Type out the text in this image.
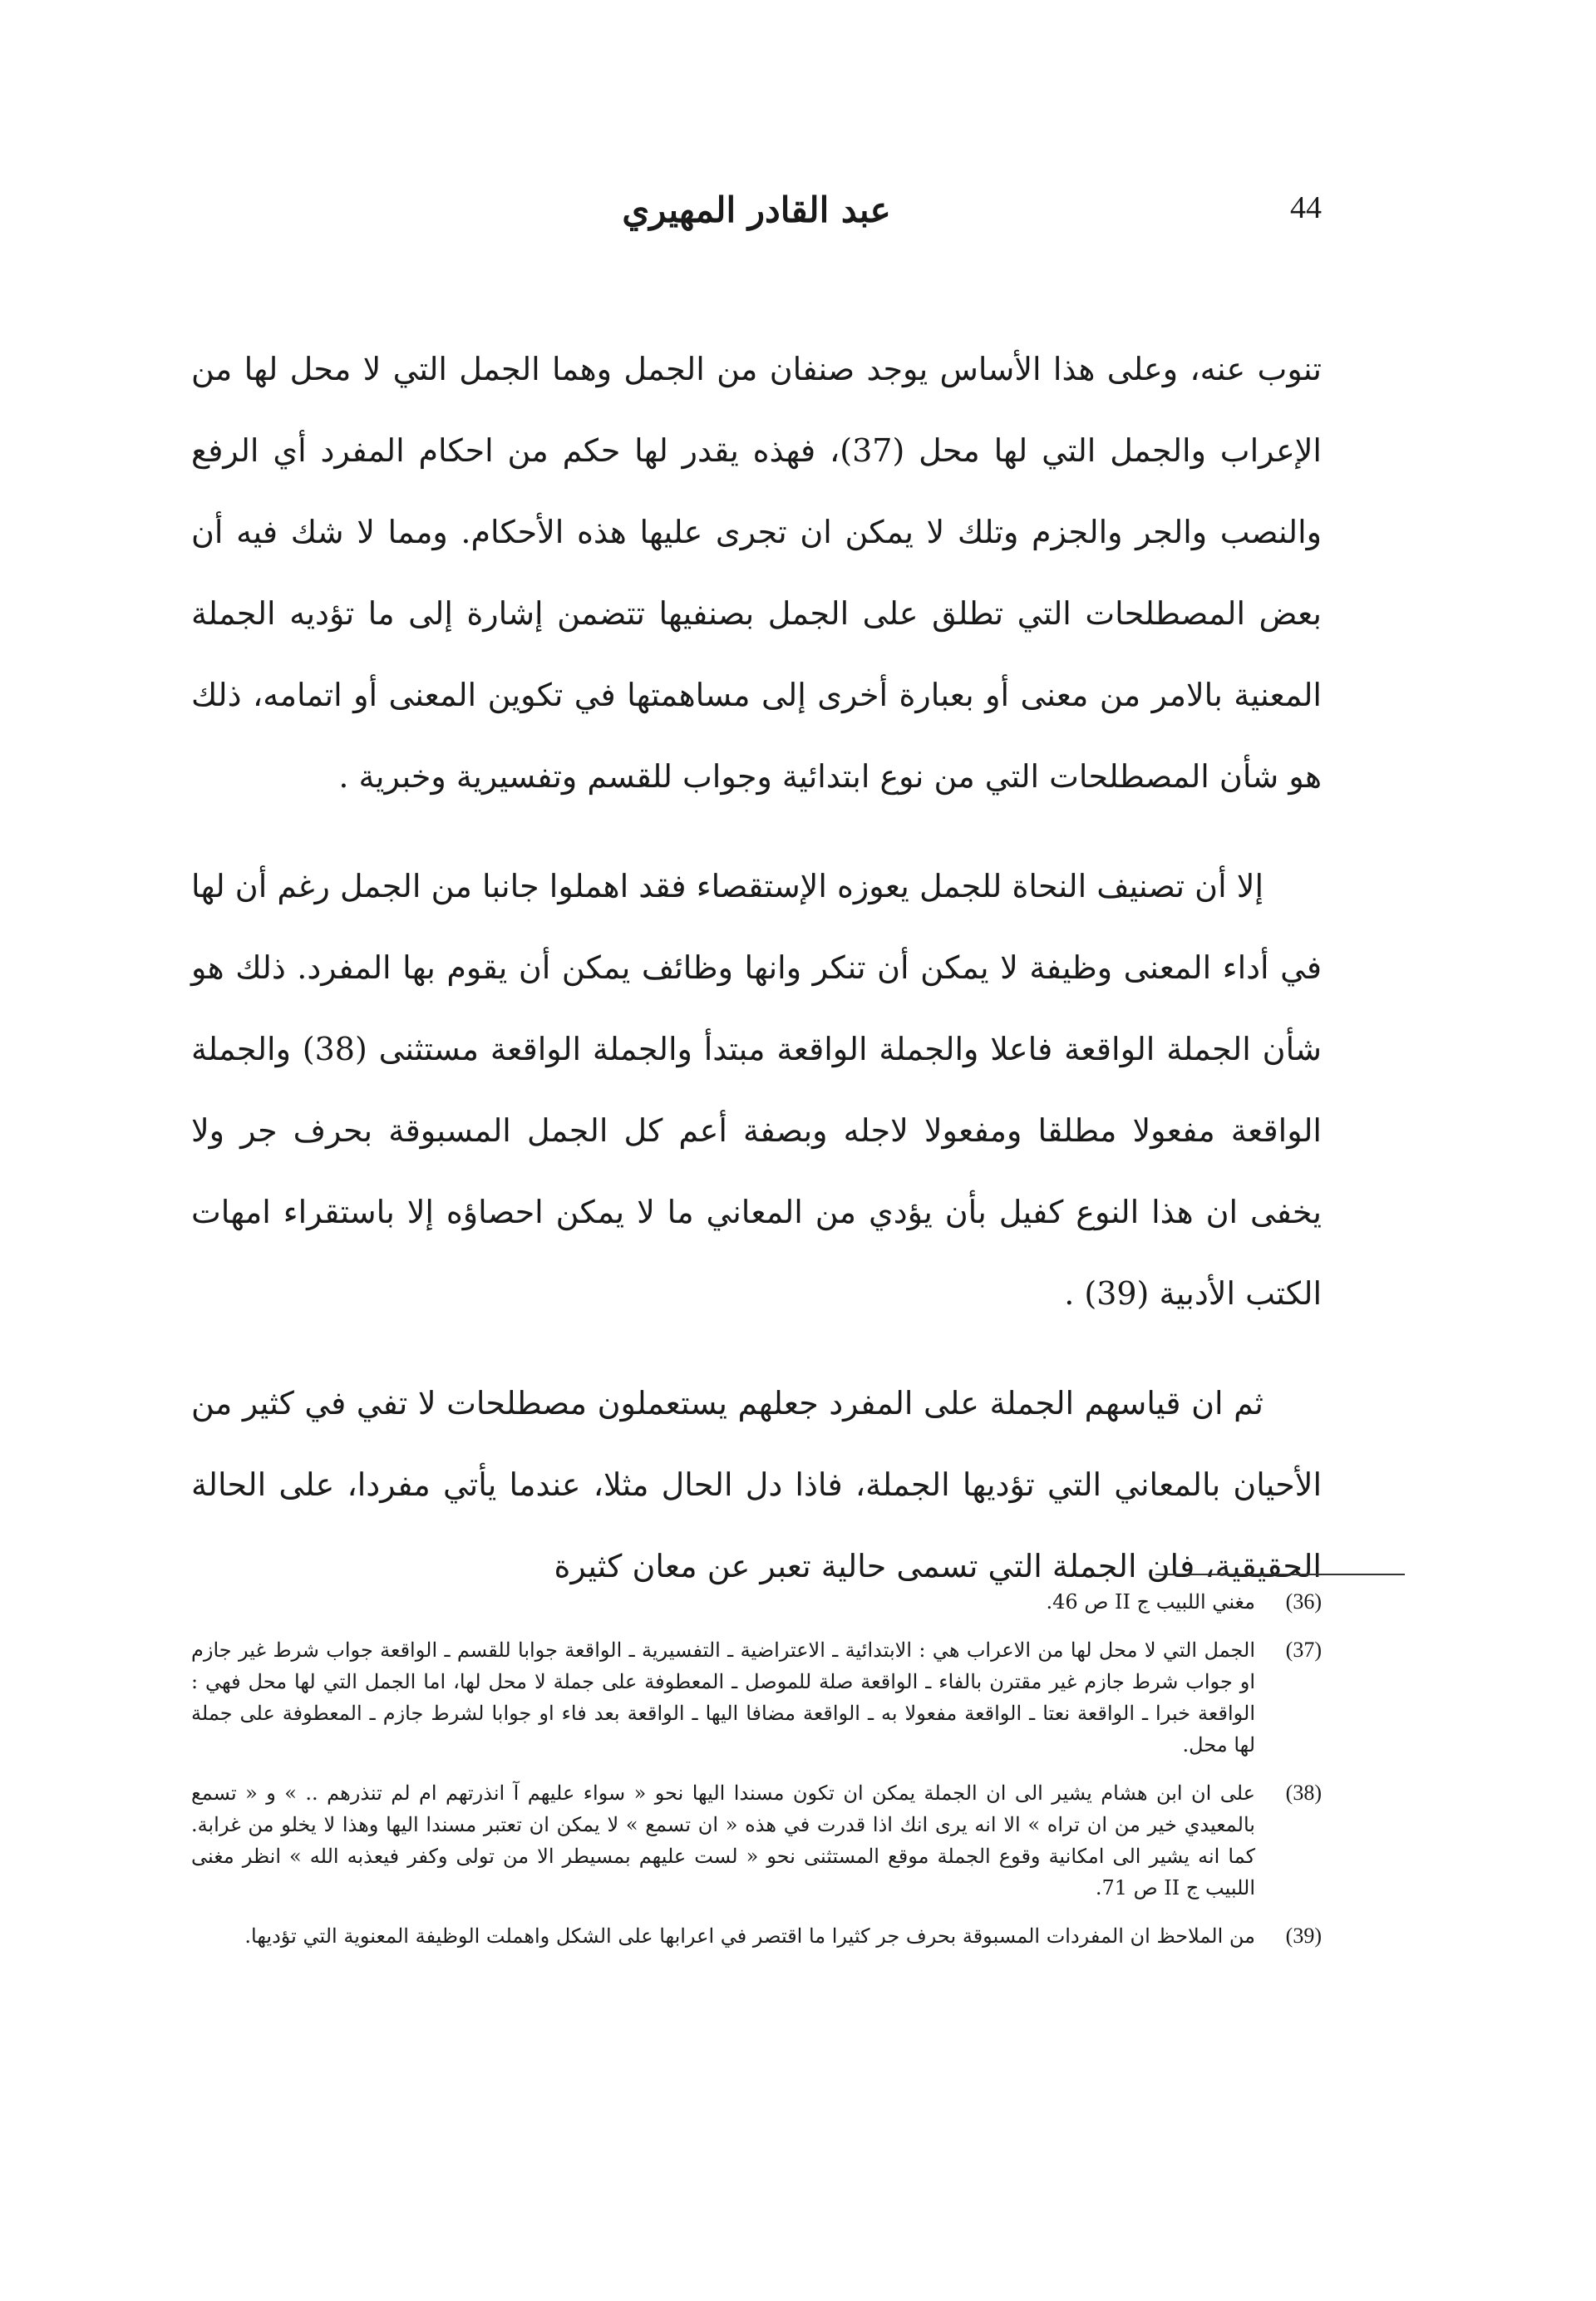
44
عبد القادر المهيري

تنوب عنه، وعلى هذا الأساس يوجد صنفان من الجمل وهما الجمل التي لا محل لها من الإعراب والجمل التي لها محل (37)، فهذه يقدر لها حكم من احكام المفرد أي الرفع والنصب والجر والجزم وتلك لا يمكن ان تجرى عليها هذه الأحكام. ومما لا شك فيه أن بعض المصطلحات التي تطلق على الجمل بصنفيها تتضمن إشارة إلى ما تؤديه الجملة المعنية بالامر من معنى أو بعبارة أخرى إلى مساهمتها في تكوين المعنى أو اتمامه، ذلك هو شأن المصطلحات التي من نوع ابتدائية وجواب للقسم وتفسيرية وخبرية .

إلا أن تصنيف النحاة للجمل يعوزه الإستقصاء فقد اهملوا جانبا من الجمل رغم أن لها في أداء المعنى وظيفة لا يمكن أن تنكر وانها وظائف يمكن أن يقوم بها المفرد. ذلك هو شأن الجملة الواقعة فاعلا والجملة الواقعة مبتدأ والجملة الواقعة مستثنى (38) والجملة الواقعة مفعولا مطلقا ومفعولا لاجله وبصفة أعم كل الجمل المسبوقة بحرف جر ولا يخفى ان هذا النوع كفيل بأن يؤدي من المعاني ما لا يمكن احصاؤه إلا باستقراء امهات الكتب الأدبية (39) .

ثم ان قياسهم الجملة على المفرد جعلهم يستعملون مصطلحات لا تفي في كثير من الأحيان بالمعاني التي تؤديها الجملة، فاذا دل الحال مثلا، عندما يأتي مفردا، على الحالة الحقيقية، فان الجملة التي تسمى حالية تعبر عن معان كثيرة

(36)
مغني اللبيب ج II ص 46.
(37)
الجمل التي لا محل لها من الاعراب هي : الابتدائية ـ الاعتراضية ـ التفسيرية ـ الواقعة جوابا للقسم ـ الواقعة جواب شرط غير جازم او جواب شرط جازم غير مقترن بالفاء ـ الواقعة صلة للموصل ـ المعطوفة على جملة لا محل لها، اما الجمل التي لها محل فهي : الواقعة خبرا ـ الواقعة نعتا ـ الواقعة مفعولا به ـ الواقعة مضافا اليها ـ الواقعة بعد فاء او جوابا لشرط جازم ـ المعطوفة على جملة لها محل.
(38)
على ان ابن هشام يشير الى ان الجملة يمكن ان تكون مسندا اليها نحو « سواء عليهم آ انذرتهم ام لم تنذرهم .. » و « تسمع بالمعيدي خير من ان تراه » الا انه يرى انك اذا قدرت في هذه « ان تسمع » لا يمكن ان تعتبر مسندا اليها وهذا لا يخلو من غرابة. كما انه يشير الى امكانية وقوع الجملة موقع المستثنى نحو « لست عليهم بمسيطر الا من تولى وكفر فيعذبه الله » انظر مغنى اللبيب ج II ص 71.
(39)
من الملاحظ ان المفردات المسبوقة بحرف جر كثيرا ما اقتصر في اعرابها على الشكل واهملت الوظيفة المعنوية التي تؤديها.
